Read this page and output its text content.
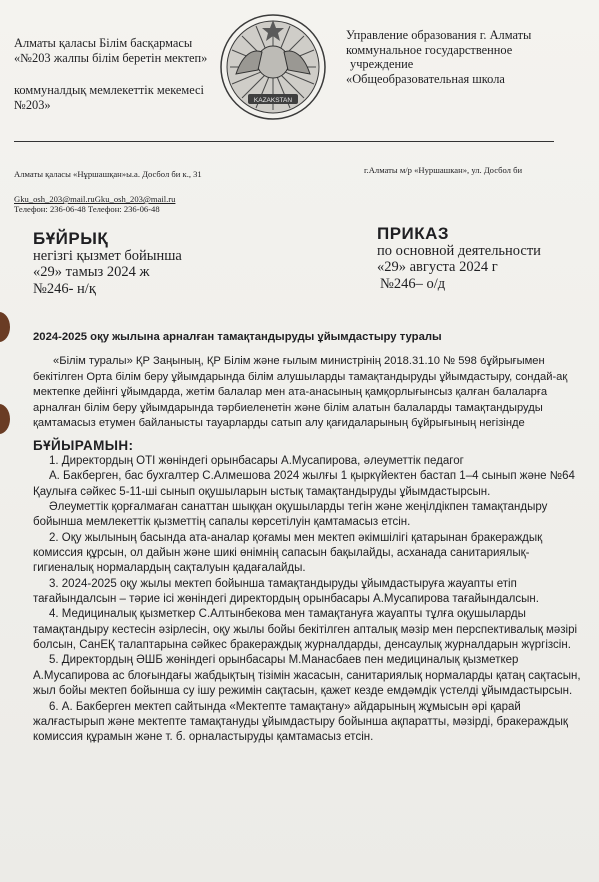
Алматы қаласы Білім басқармасы
«№203 жалпы білім беретін мектеп»
коммуналдық мемлекеттік мекемесі
№203»	KAZAKSTAN
Управление образования г. Алматы
коммунальное государственное
учреждение
«Общеобразовательная школа
Алматы қаласы «Нұршашқан»ы.а. Досбол би к., 31	г.Алматы м/р «Нуршашкан», ул. Досбол би
Gku_osh_203@mail.ruGku_osh_203@mail.ru
Телефон: 236-06-48 Телефон: 236-06-48
БҰЙРЫҚ
негізгі қызмет бойынша
«29» тамыз 2024 ж
№246- н/қ
ПРИКАЗ
по основной деятельности
«29» августа 2024 г
№246– о/д
2024-2025 оқу жылына арналған тамақтандыруды ұйымдастыру туралы
«Білім туралы» ҚР Заңының, ҚР Білім және ғылым министрінің 2018.31.10 № 598 бұйрығымен бекітілген Орта білім беру ұйымдарында білім алушыларды тамақтандыруды ұйымдастыру, сондай-ақ мектепке дейінгі ұйымдарда, жетім балалар мен ата-анасының қамқорлығынсыз қалған балаларға арналған білім беру ұйымдарында тәрбиеленетін және білім алатын балаларды тамақтандыруды қамтамасыз етумен байланысты тауарларды сатып алу қағидаларының бұйрығының негізінде
БҰЙЫРАМЫН:

1. Директордың ОТІ жөніндегі орынбасары А.Мусапирова, әлеуметтік педагог

А. Бакберген, бас бухгалтер С.Алмешова 2024 жылғы 1 қыркүйектен бастап 1–4 сынып және №64 Қаулыға сәйкес 5-11-ші сынып оқушыларын ыстық тамақтандыруды ұйымдастырсын.

Әлеуметтік қорғалмаған санаттан шыққан оқушыларды тегін және жеңілдікпен тамақтандыру бойынша мемлекеттік қызметтің сапалы көрсетілуін қамтамасыз етсін.

2. Оқу жылының басында ата-аналар қоғамы мен мектеп әкімшілігі қатарынан бракераждық комиссия құрсын, ол дайын және шикі өнімнің сапасын бақылайды, асханада санитариялық-гигиеналық нормалардың сақталуын қадағалайды.

3. 2024-2025 оқу жылы мектеп бойынша тамақтандыруды ұйымдастыруға жауапты етіп тағайындалсын – тәрие ісі жөніндегі директордың орынбасары А.Мусапирова тағайындалсын.

4. Медициналық қызметкер С.Алтынбекова мен тамақтануға жауапты тұлға оқушыларды тамақтандыру кестесін әзірлесін, оқу жылы бойы бекітілген апталық мәзір мен перспективалық мәзірі болсын, СанЕҚ талаптарына сәйкес бракераждық журналдарды, денсаулық журналдарын жүргізсін.

5. Директордың ӘШБ жөніндегі орынбасары М.Манасбаев пен медициналық қызметкер А.Мусапирова ас блоғындағы жабдықтың тізімін жасасын, санитариялық нормаларды қатаң сақтасын, жыл бойы мектеп бойынша су ішу режимін сақтасын, қажет кезде емдәмдік үстелді ұйымдастырсын.

6. А. Бакберген мектеп сайтында «Мектепте тамақтану» айдарының жұмысын әрі қарай жалғастырып және мектепте тамақтануды ұйымдастыру бойынша ақпаратты, мәзірді, бракераждық комиссия құрамын және т. б. орналастыруды қамтамасыз етсін.
